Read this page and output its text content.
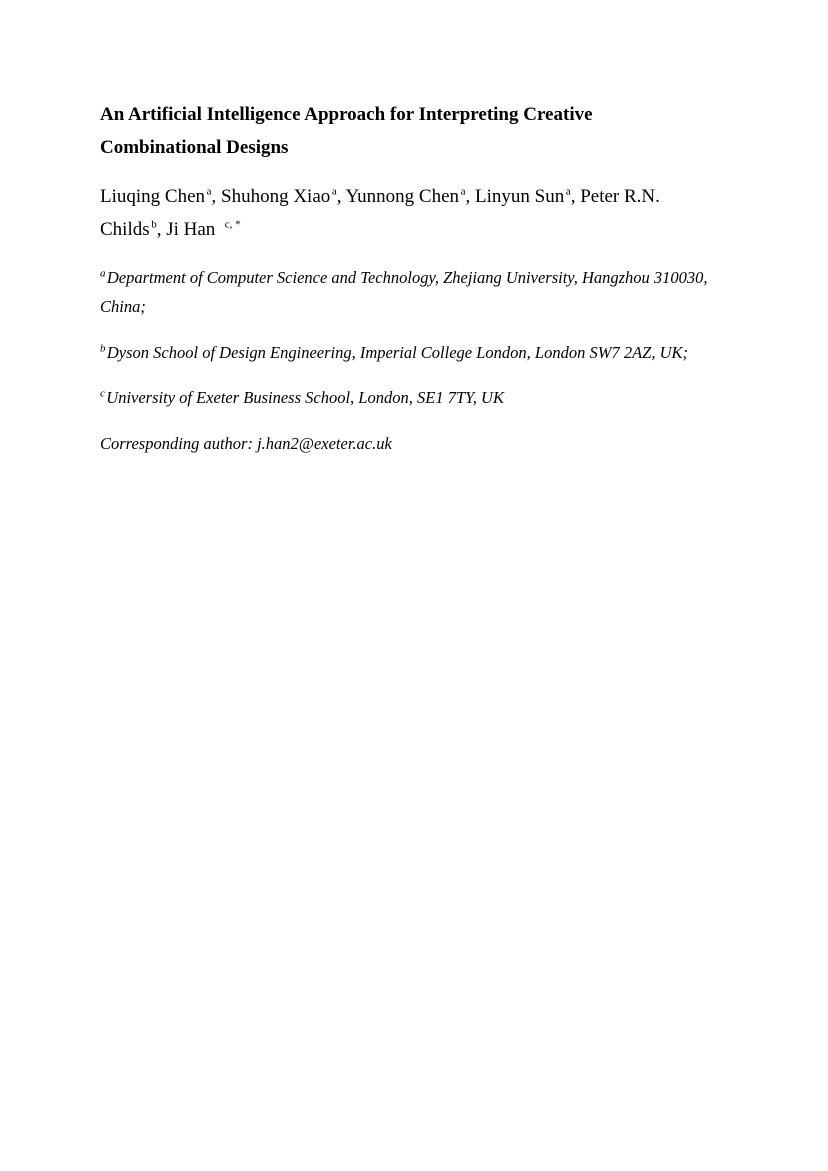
An Artificial Intelligence Approach for Interpreting Creative
Combinational Designs

Liuqing Chen  $^a$, Shuhong Xiao  $^a$, Yunnong Chen  $^a$, Linyun Sun  $^a$, Peter R.N.
Childs  $^b$, Ji Han $^{c, *}$

$^a$ Department of Computer Science and Technology, Zhejiang University, Hangzhou 310030,
China;

$^b$ Dyson School of Design Engineering, Imperial College London, London SW7 2AZ, UK;

$^c$ University of Exeter Business School, London, SE1 7TY, UK

Corresponding author: j.han2@exeter.ac.uk
